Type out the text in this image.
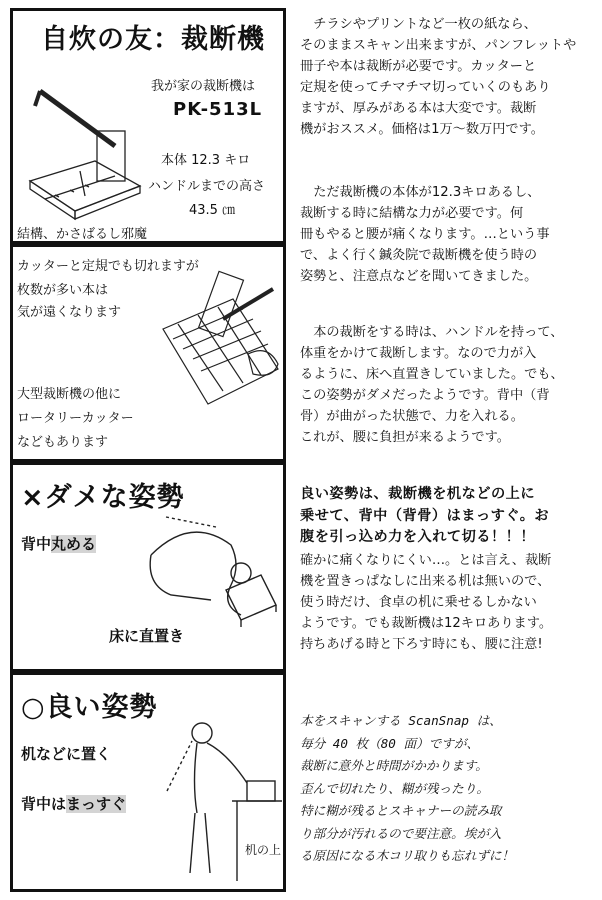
自炊の友：裁断機
我が家の裁断機は
PK-513L
本体 12.3 キロ
ハンドルまでの高さ
43.5 ㎝
結構、かさばるし邪魔
カッターと定規でも切れますが
枚数が多い本は
気が遠くなります
大型裁断機の他に
ロータリーカッター
などもあります
×ダメな姿勢
背中丸める
床に直置き
○良い姿勢
机などに置く
背中はまっすぐ
机の上

チラシやプリントなど一枚の紙なら、

そのままスキャン出来ますが、パンフレットや

冊子や本は裁断が必要です。カッターと

定規を使ってチマチマ切っていくのもあり

ますが、厚みがある本は大変です。裁断

機がおススメ。価格は1万～数万円です。

ただ裁断機の本体が12.3キロあるし、

裁断する時に結構な力が必要です。何

冊もやると腰が痛くなります。…という事

で、よく行く鍼灸院で裁断機を使う時の

姿勢と、注意点などを聞いてきました。

本の裁断をする時は、ハンドルを持って、

体重をかけて裁断します。なので力が入

るように、床へ直置きしていました。でも、

この姿勢がダメだったようです。背中（背

骨）が曲がった状態で、力を入れる。

これが、腰に負担が来るようです。

良い姿勢は、裁断機を机などの上に
乗せて、背中（背骨）はまっすぐ。お
腹を引っ込め力を入れて切る！！！

確かに痛くなりにくい…。とは言え、裁断

機を置きっぱなしに出来る机は無いので、

使う時だけ、食卓の机に乗せるしかない

ようです。でも裁断機は12キロあります。

持ちあげる時と下ろす時にも、腰に注意!

本をスキャンする ScanSnap は、
毎分 40 枚（80 面）ですが、
裁断に意外と時間がかかります。
歪んで切れたり、糊が残ったり。
特に糊が残るとスキャナーの読み取
り部分が汚れるので要注意。埃が入
る原因になる木コリ取りも忘れずに！
